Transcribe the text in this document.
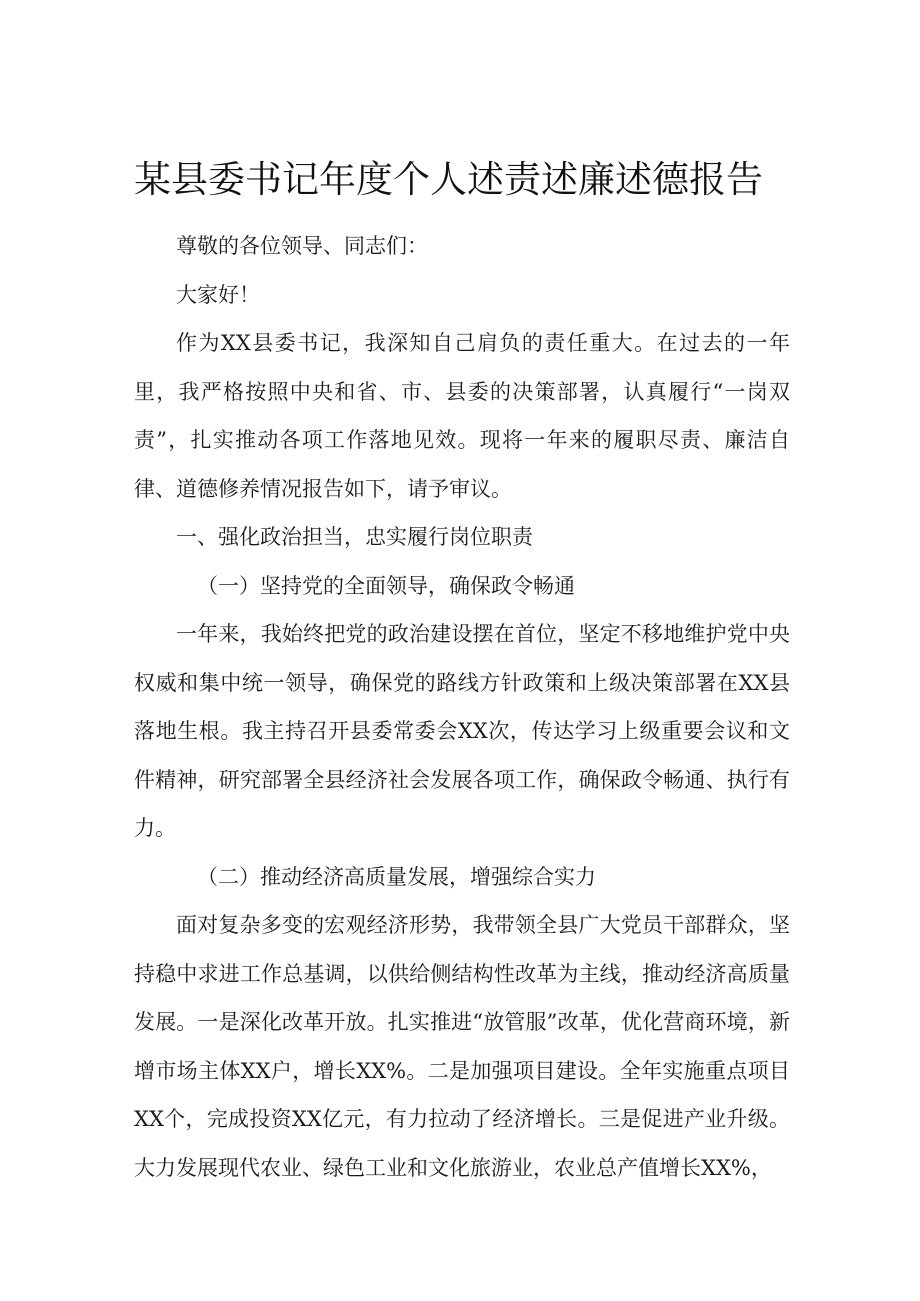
某县委书记年度个人述责述廉述德报告

尊敬的各位领导、同志们：

大家好！

作为XX县委书记，我深知自己肩负的责任重大。在过去的一年里，我严格按照中央和省、市、县委的决策部署，认真履行“一岗双责”，扎实推动各项工作落地见效。现将一年来的履职尽责、廉洁自律、道德修养情况报告如下，请予审议。

一、强化政治担当，忠实履行岗位职责

（一）坚持党的全面领导，确保政令畅通

一年来，我始终把党的政治建设摆在首位，坚定不移地维护党中央权威和集中统一领导，确保党的路线方针政策和上级决策部署在XX县落地生根。我主持召开县委常委会XX次，传达学习上级重要会议和文件精神，研究部署全县经济社会发展各项工作，确保政令畅通、执行有力。

（二）推动经济高质量发展，增强综合实力

面对复杂多变的宏观经济形势，我带领全县广大党员干部群众，坚持稳中求进工作总基调，以供给侧结构性改革为主线，推动经济高质量发展。一是深化改革开放。扎实推进“放管服”改革，优化营商环境，新增市场主体XX户，增长XX%。二是加强项目建设。全年实施重点项目XX个，完成投资XX亿元，有力拉动了经济增长。三是促进产业升级。大力发展现代农业、绿色工业和文化旅游业，农业总产值增长XX%，
